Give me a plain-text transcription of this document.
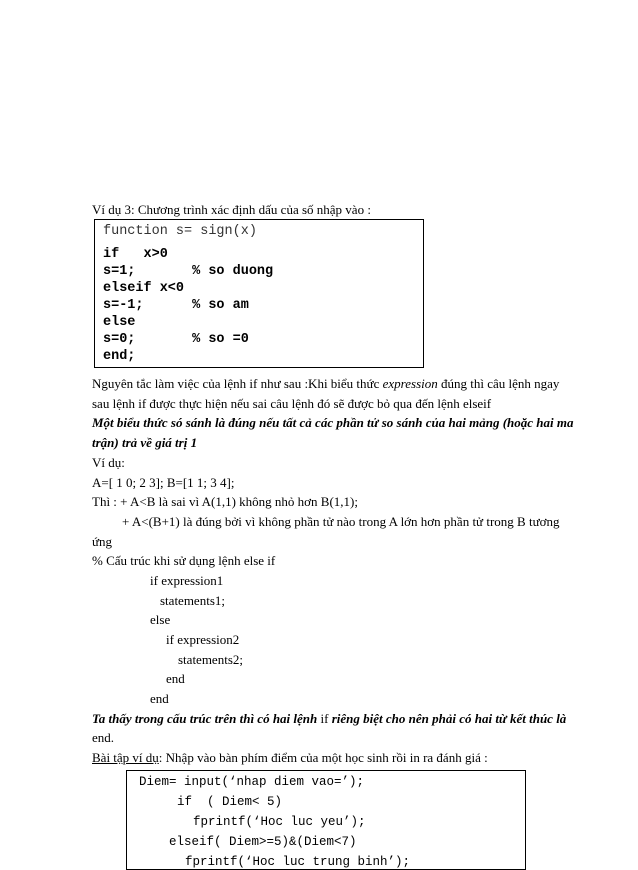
Ví dụ 3: Chương trình xác định dấu của số nhập vào :
function s= sign(x)
if   x>0
s=1;       % so duong
elseif x<0
s=-1;      % so am
else
s=0;       % so =0
end;
Nguyên tắc làm việc của lệnh if như sau :Khi biểu thức expression đúng thì câu lệnh ngay
sau lệnh if được thực hiện nếu sai câu lệnh đó sẽ được bỏ qua đến lệnh elseif
Một biểu thức só sánh là đúng nếu tất cả các phần tử so sánh của hai mảng (hoặc hai ma
trận) trả về giá trị 1
Ví dụ:
A=[ 1 0; 2 3]; B=[1 1; 3 4];
Thì : + A<B là sai vì A(1,1) không nhỏ hơn B(1,1);
+ A<(B+1) là đúng bởi vì không phần tử nào trong A lớn hơn phần tử trong B tương
ứng
% Cấu trúc khi sử dụng lệnh else if
if expression1
statements1;
else
if expression2
statements2;
end
end
Ta thấy trong cấu trúc trên thì có hai lệnh if riêng biệt cho nên phải có hai từ kết thúc là
end.
Bài tập ví dụ: Nhập vào bàn phím điểm của một học sinh rồi in ra đánh giá :
Diem= input(‘nhap diem vao=’);
if  ( Diem< 5)
fprintf(‘Hoc luc yeu’);
elseif( Diem>=5)&(Diem<7)
fprintf(‘Hoc luc trung binh’);
